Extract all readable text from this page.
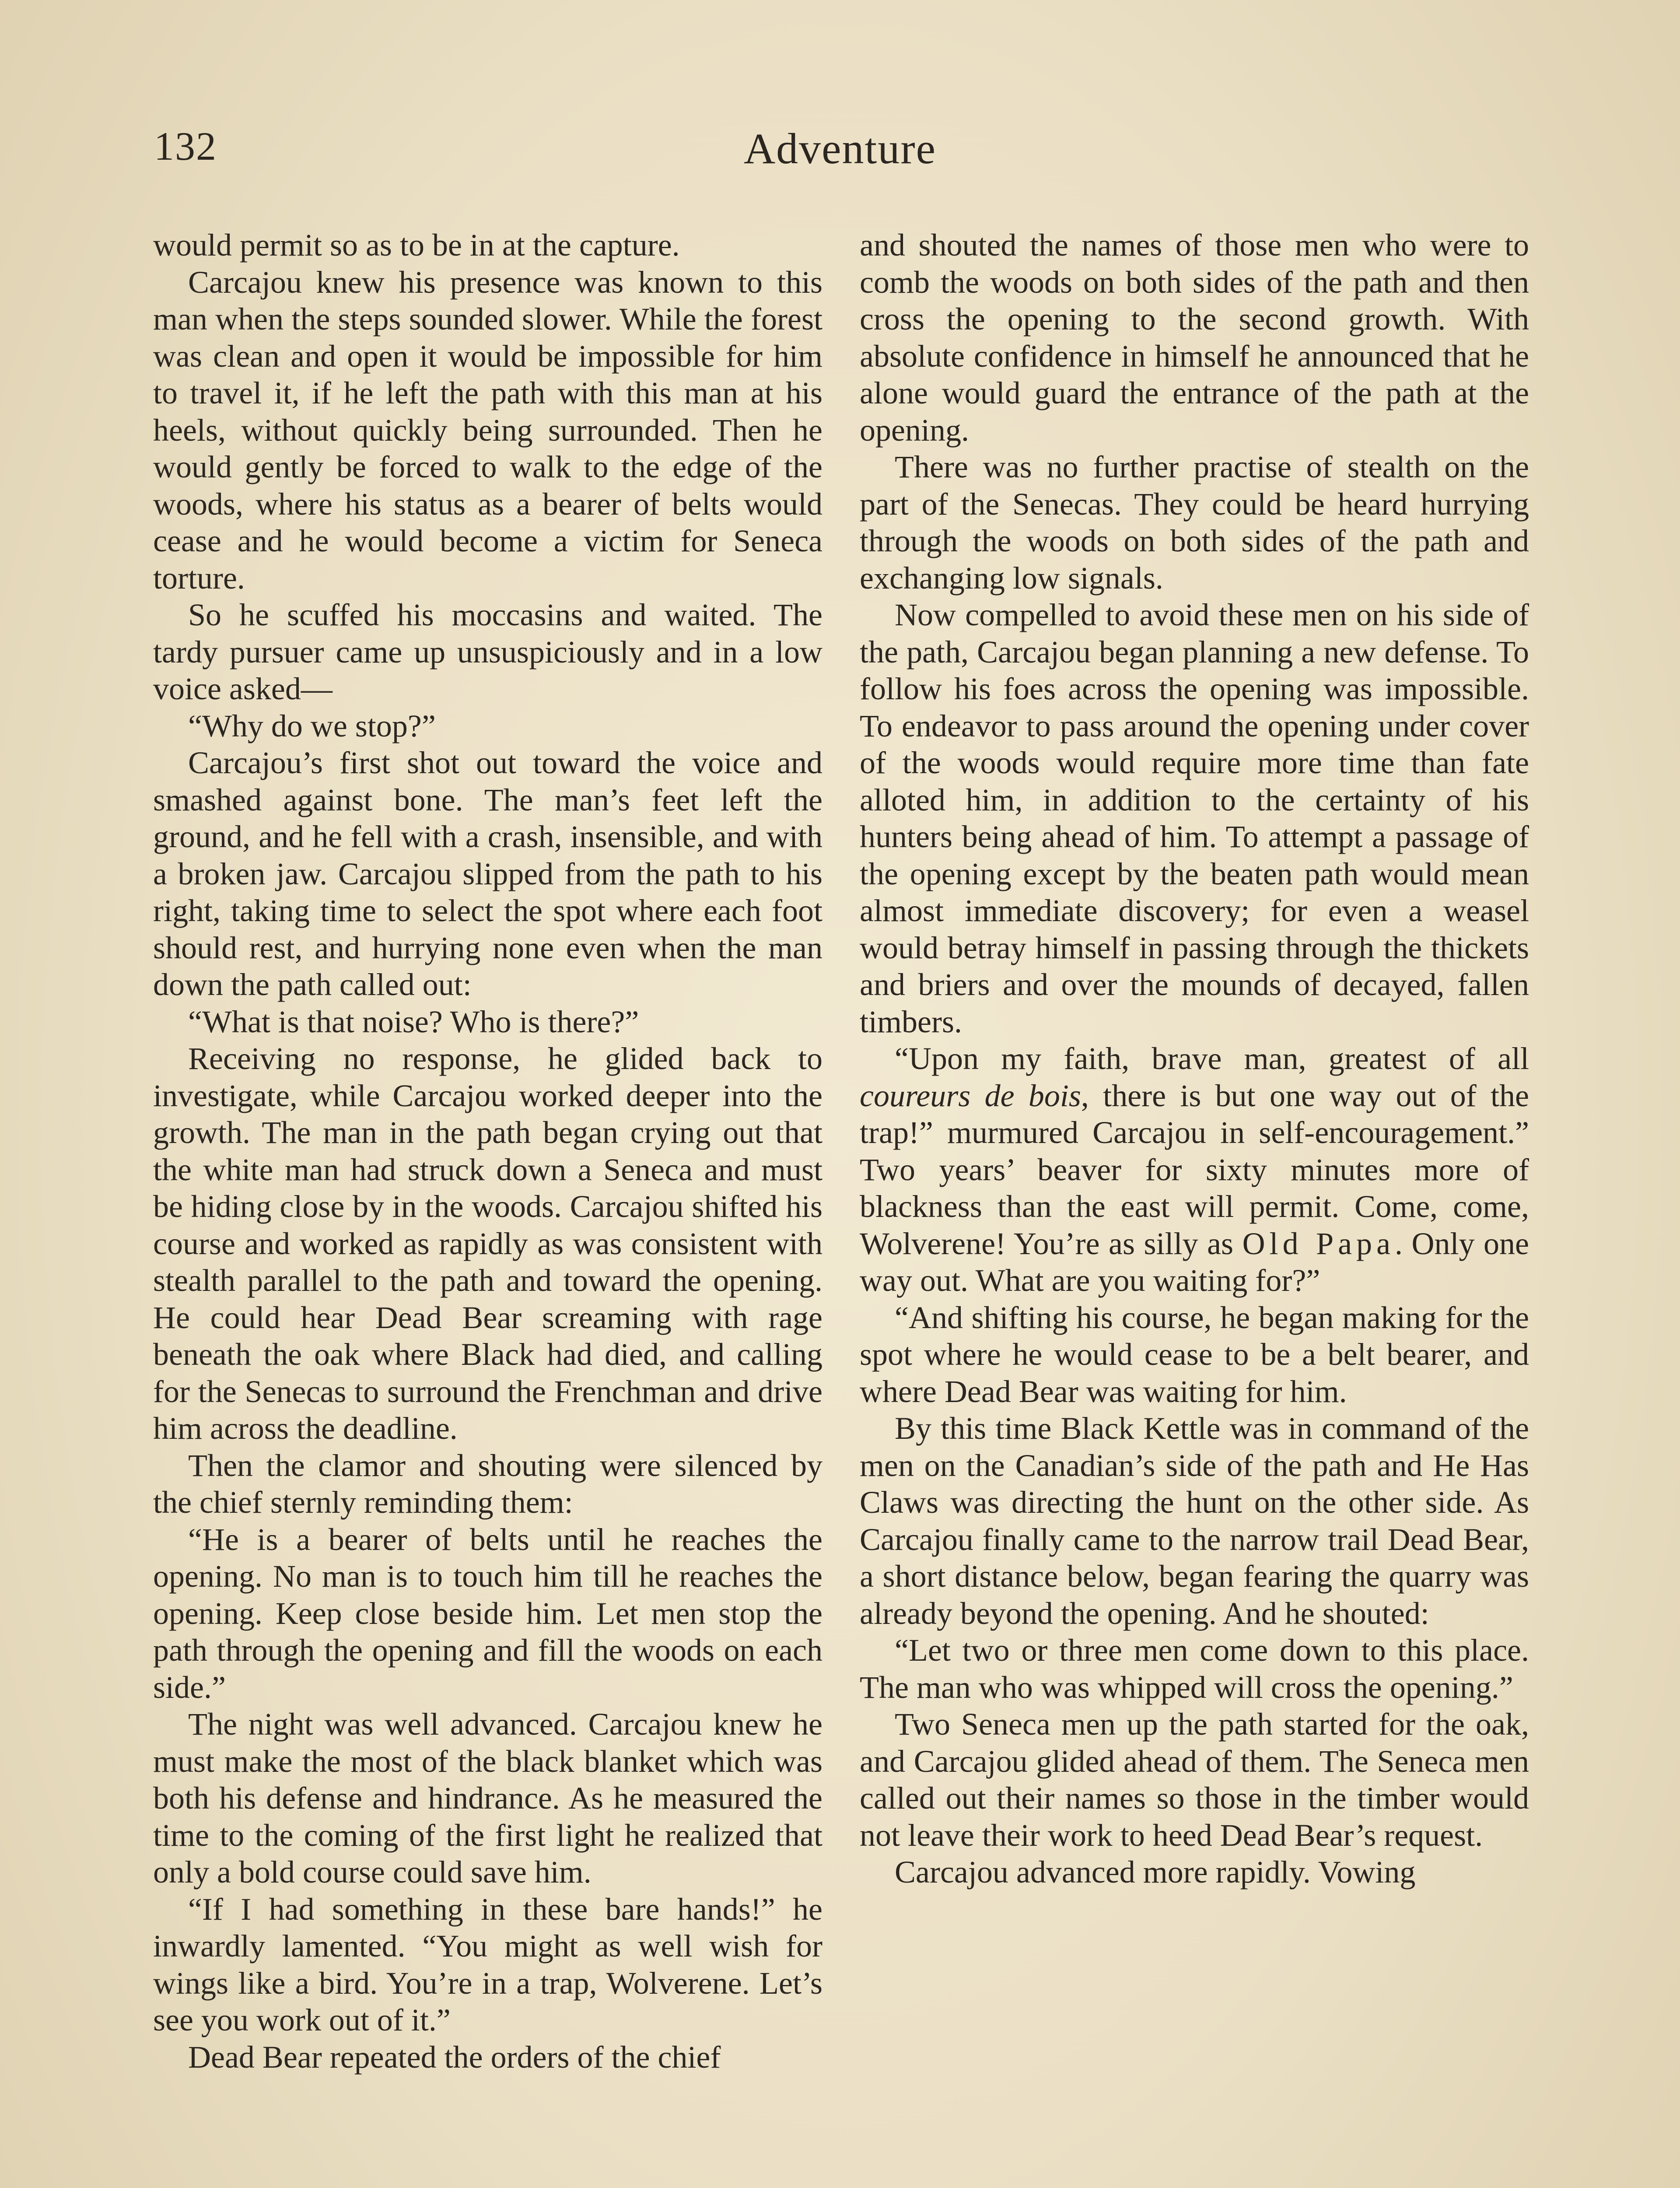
132	Adventure

would permit so as to be in at the capture.

Carcajou knew his presence was known to this man when the steps sounded slower. While the forest was clean and open it would be impossible for him to travel it, if he left the path with this man at his heels, without quickly being surrounded. Then he would gently be forced to walk to the edge of the woods, where his status as a bearer of belts would cease and he would become a victim for Seneca torture.

So he scuffed his moccasins and waited. The tardy pursuer came up unsuspiciously and in a low voice asked—

“Why do we stop?”

Carcajou’s first shot out toward the voice and smashed against bone. The man’s feet left the ground, and he fell with a crash, insensible, and with a broken jaw. Carcajou slipped from the path to his right, taking time to select the spot where each foot should rest, and hurrying none even when the man down the path called out:

“What is that noise? Who is there?”

Receiving no response, he glided back to investigate, while Carcajou worked deeper into the growth. The man in the path began crying out that the white man had struck down a Seneca and must be hiding close by in the woods. Carcajou shifted his course and worked as rapidly as was consistent with stealth parallel to the path and toward the opening. He could hear Dead Bear screaming with rage beneath the oak where Black had died, and calling for the Senecas to surround the Frenchman and drive him across the deadline.

Then the clamor and shouting were silenced by the chief sternly reminding them:

“He is a bearer of belts until he reaches the opening. No man is to touch him till he reaches the opening. Keep close beside him. Let men stop the path through the opening and fill the woods on each side.”

The night was well advanced. Carcajou knew he must make the most of the black blanket which was both his defense and hindrance. As he measured the time to the coming of the first light he realized that only a bold course could save him.

“If I had something in these bare hands!” he inwardly lamented. “You might as well wish for wings like a bird. You’re in a trap, Wolverene. Let’s see you work out of it.”

Dead Bear repeated the orders of the chief

and shouted the names of those men who were to comb the woods on both sides of the path and then cross the opening to the second growth. With absolute confidence in himself he announced that he alone would guard the entrance of the path at the opening.

There was no further practise of stealth on the part of the Senecas. They could be heard hurrying through the woods on both sides of the path and exchanging low signals.

Now compelled to avoid these men on his side of the path, Carcajou began planning a new defense. To follow his foes across the opening was impossible. To endeavor to pass around the opening under cover of the woods would require more time than fate alloted him, in addition to the certainty of his hunters being ahead of him. To attempt a passage of the opening except by the beaten path would mean almost immediate discovery; for even a weasel would betray himself in passing through the thickets and briers and over the mounds of decayed, fallen timbers.

“Upon my faith, brave man, greatest of all coureurs de bois, there is but one way out of the trap!” murmured Carcajou in self-encouragement.” Two years’ beaver for sixty minutes more of blackness than the east will permit. Come, come, Wolverene! You’re as silly as Old Papa. Only one way out. What are you waiting for?”

“And shifting his course, he began making for the spot where he would cease to be a belt bearer, and where Dead Bear was waiting for him.

By this time Black Kettle was in command of the men on the Canadian’s side of the path and He Has Claws was directing the hunt on the other side. As Carcajou finally came to the narrow trail Dead Bear, a short distance below, began fearing the quarry was already beyond the opening. And he shouted:

“Let two or three men come down to this place. The man who was whipped will cross the opening.”

Two Seneca men up the path started for the oak, and Carcajou glided ahead of them. The Seneca men called out their names so those in the timber would not leave their work to heed Dead Bear’s request.

Carcajou advanced more rapidly. Vowing
